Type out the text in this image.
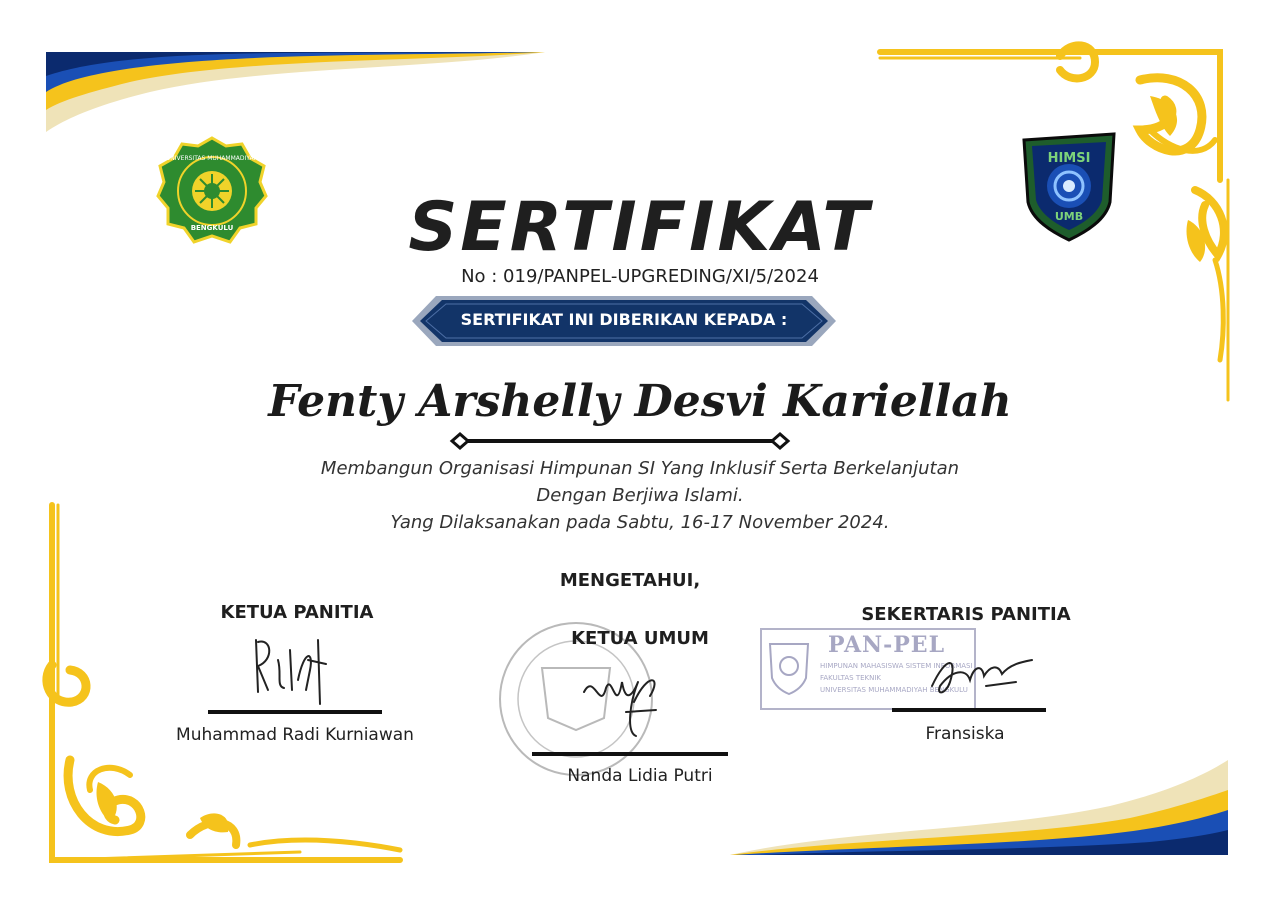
UNIVERSITAS MUHAMMADIYAH
BENGKULU
HIMSI
UMB
SERTIFIKAT
No : 019/PANPEL-UPGREDING/XI/5/2024
SERTIFIKAT INI DIBERIKAN KEPADA :
Fenty Arshelly Desvi Kariellah
Membangun Organisasi Himpunan SI Yang Inklusif Serta Berkelanjutan
Dengan Berjiwa Islami.
Yang Dilaksanakan pada Sabtu, 16-17 November 2024.
MENGETAHUI,
KETUA PANITIA
Muhammad Radi Kurniawan
KETUA UMUM
Nanda Lidia Putri
SEKERTARIS PANITIA
PAN-PEL
HIMPUNAN MAHASISWA SISTEM INFORMASI
FAKULTAS TEKNIK
UNIVERSITAS MUHAMMADIYAH BENGKULU
Fransiska
